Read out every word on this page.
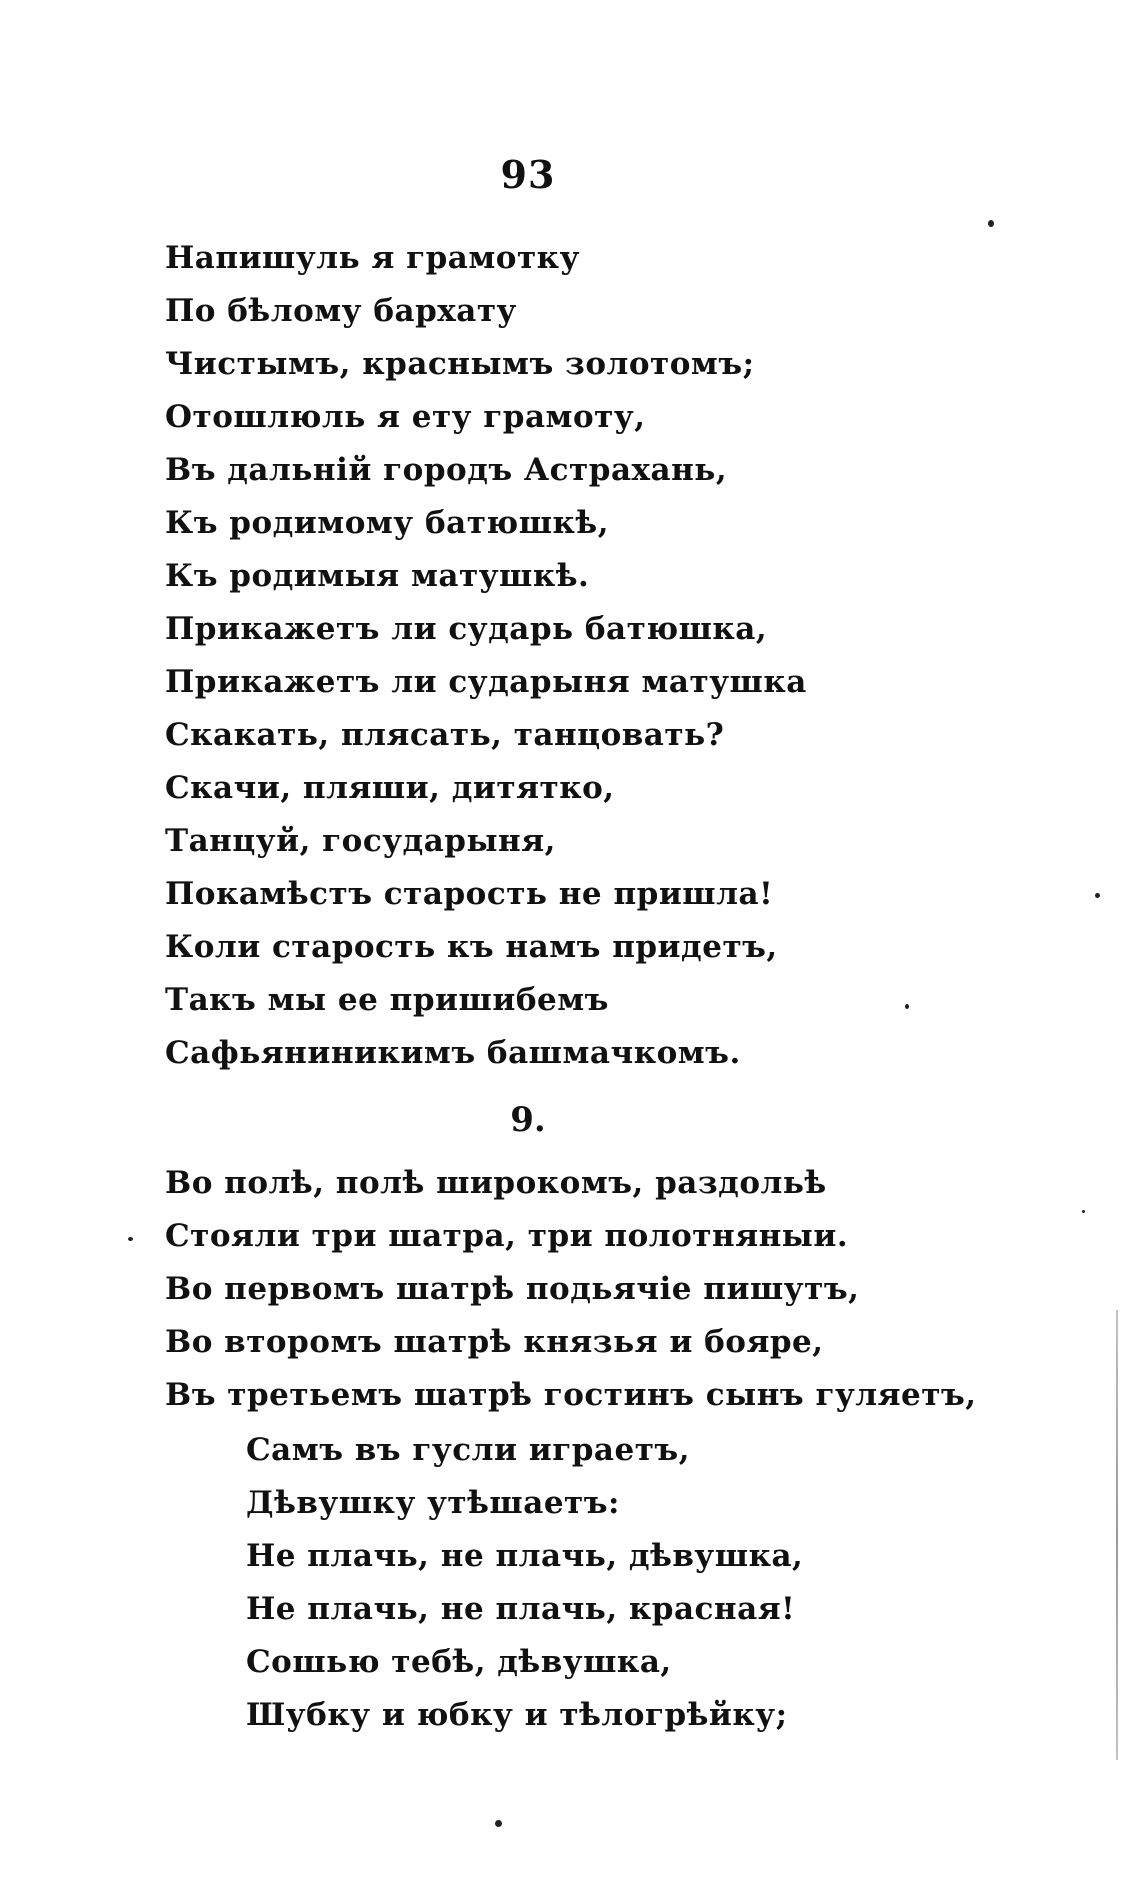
93
Напишуль я грамотку
По бѣлому бархату
Чистымъ, краснымъ золотомъ;
Отошлюль я ету грамоту,
Въ дальній городъ Астрахань,
Къ родимому батюшкѣ,
Къ родимыя матушкѣ.
Прикажетъ ли сударь батюшка,
Прикажетъ ли сударыня матушка
Скакать, плясать, танцовать?
Скачи, пляши, дитятко,
Танцуй, государыня,
Покамѣстъ старость не пришла!
Коли старость къ намъ придетъ,
Такъ мы ее пришибемъ
Сафьяниникимъ башмачкомъ.
9.
Во полѣ, полѣ широкомъ, раздольѣ
Стояли три шатра, три полотняныи.
Во первомъ шатрѣ подьячіе пишутъ,
Во второмъ шатрѣ князья и бояре,
Въ третьемъ шатрѣ гостинъ сынъ гуляетъ,
Самъ въ гусли играетъ,
Дѣвушку утѣшаетъ:
Не плачь, не плачь, дѣвушка,
Не плачь, не плачь, красная!
Сошью тебѣ, дѣвушка,
Шубку и юбку и тѣлогрѣйку;
